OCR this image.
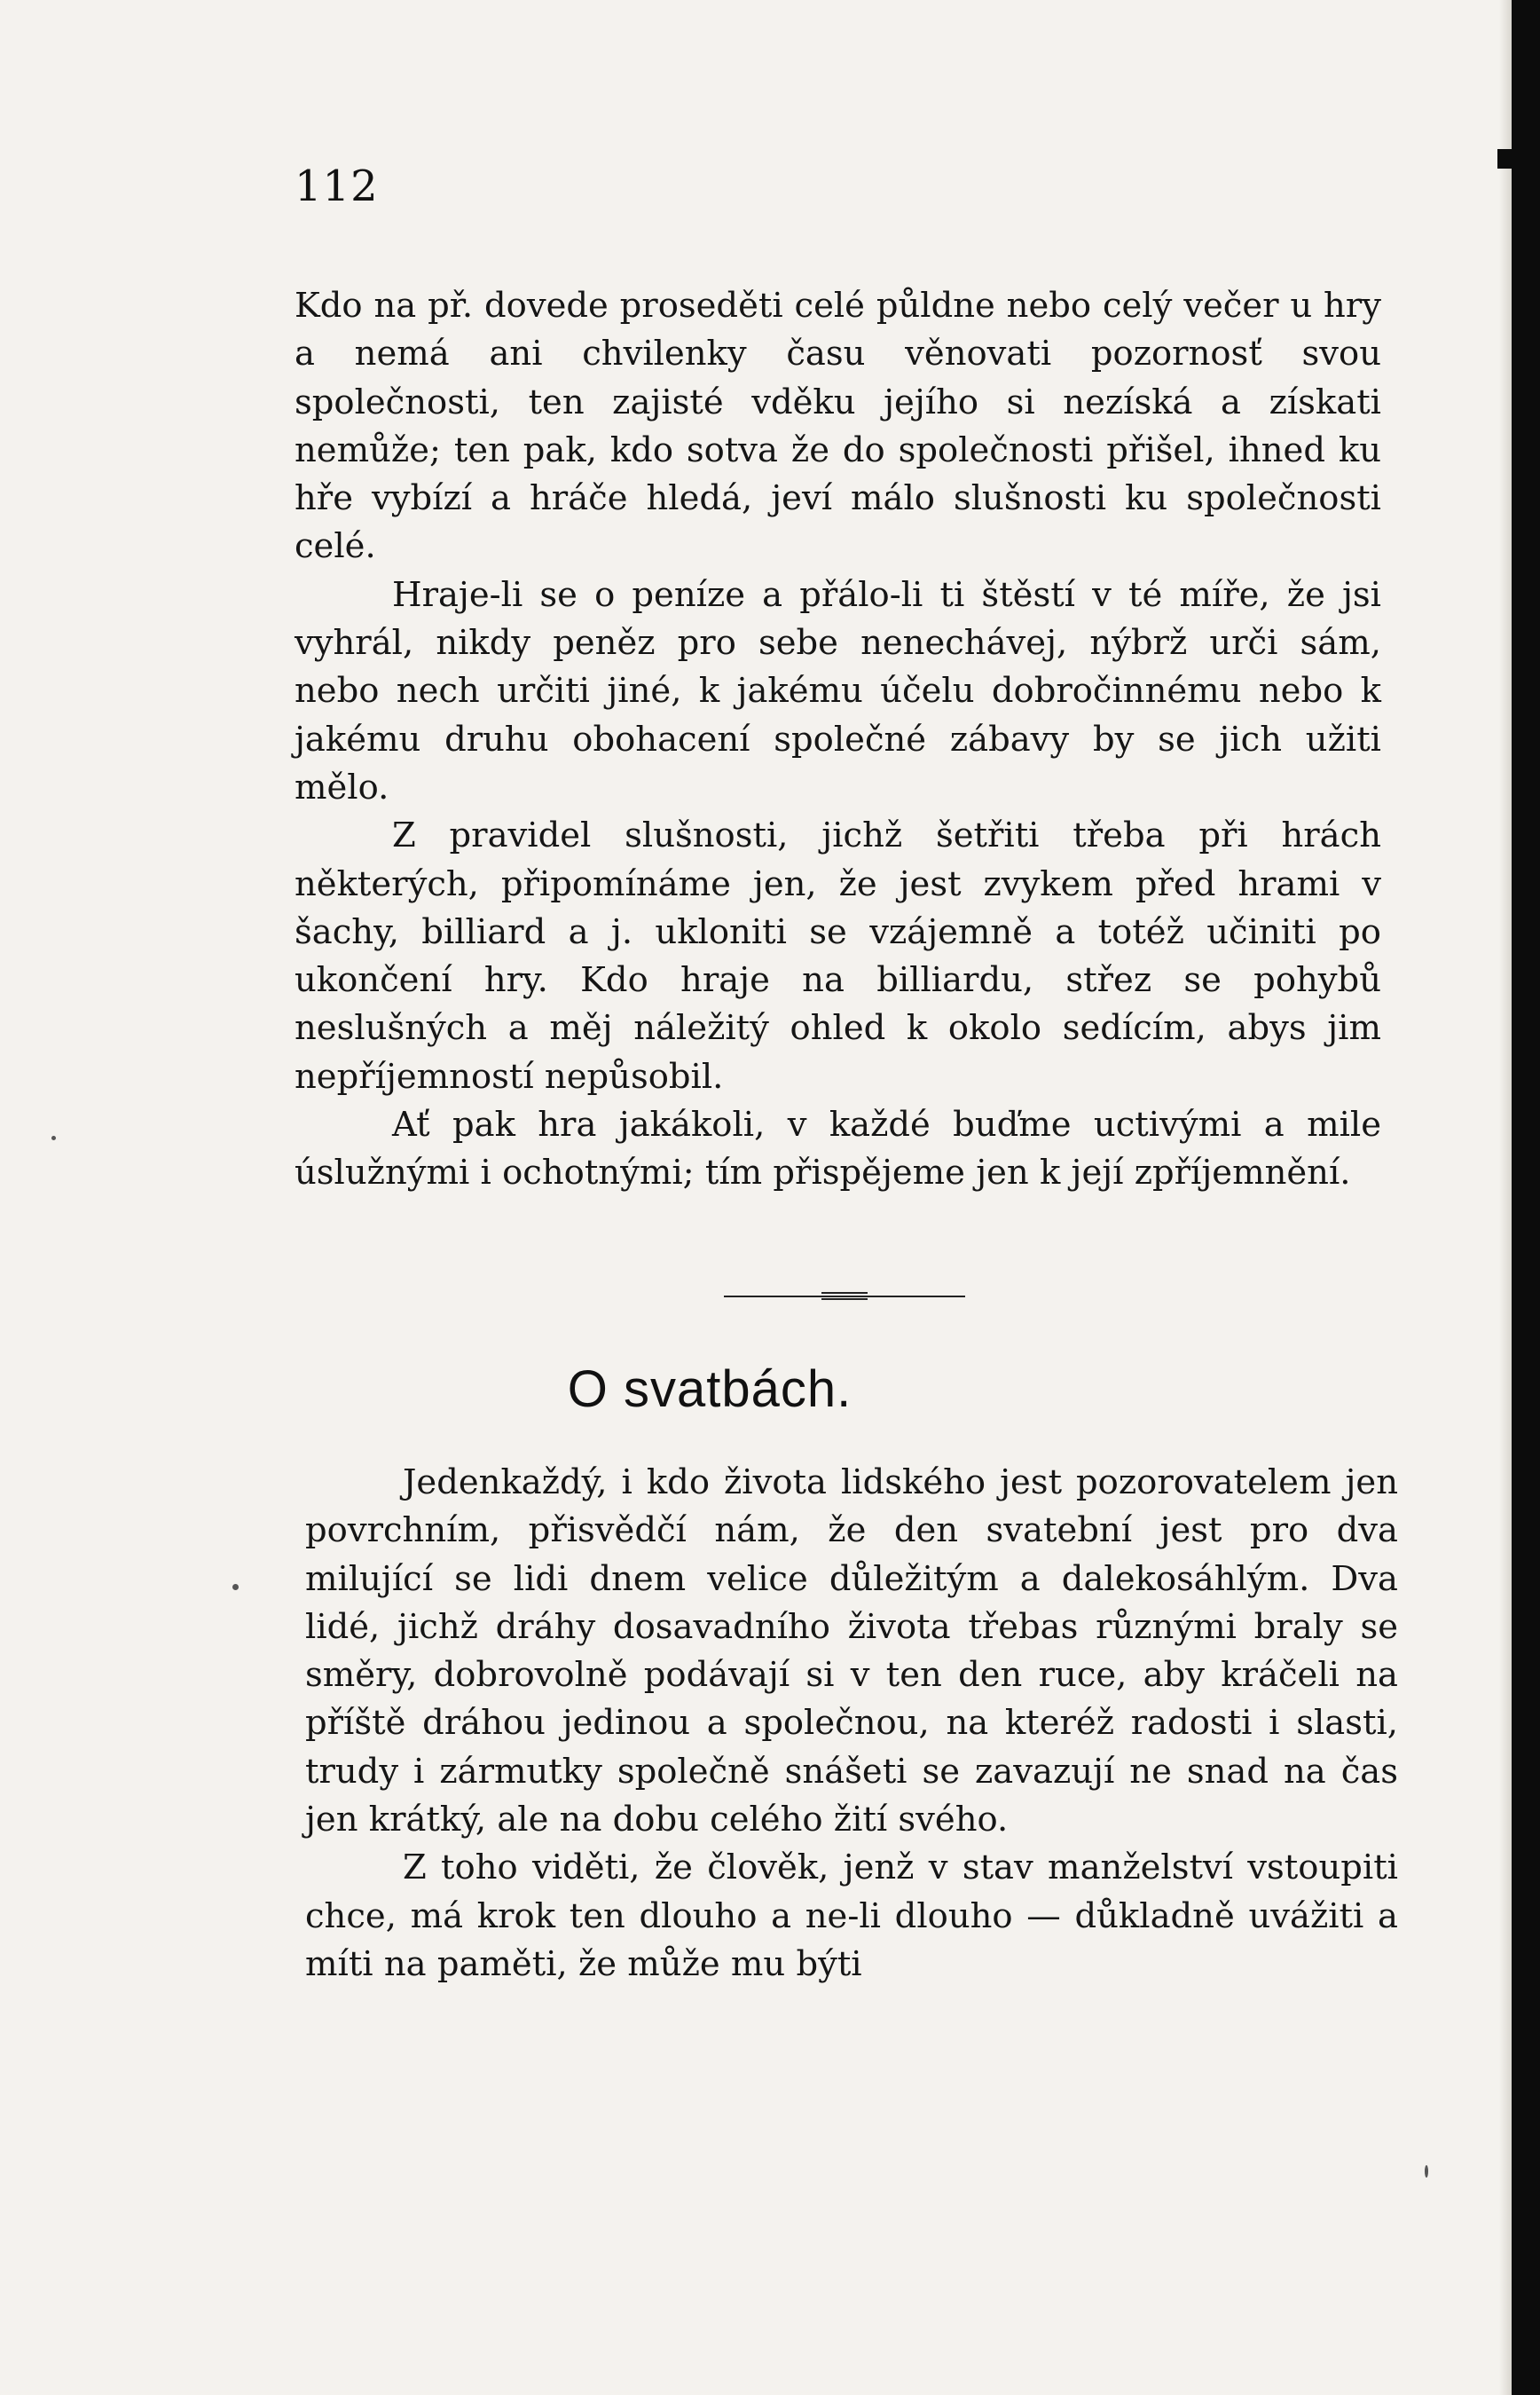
112

Kdo na př. dovede proseděti celé půldne nebo celý večer u hry a nemá ani chvilenky času věnovati pozornosť svou společnosti, ten zajisté vděku jejího si nezíská a získati nemůže; ten pak, kdo sotva že do společnosti přišel, ihned ku hře vybízí a hráče hledá, jeví málo slušnosti ku společnosti celé.

Hraje-li se o peníze a přálo-li ti štěstí v té míře, že jsi vyhrál, nikdy peněz pro sebe nenechávej, nýbrž urči sám, nebo nech určiti jiné, k jakému účelu dobročinnému nebo k jakému druhu obohacení společné zábavy by se jich užiti mělo.

Z pravidel slušnosti, jichž šetřiti třeba při hrách některých, připomínáme jen, že jest zvykem před hrami v šachy, billiard a j. ukloniti se vzájemně a totéž učiniti po ukončení hry. Kdo hraje na billiardu, střez se pohybů neslušných a měj náležitý ohled k okolo sedícím, abys jim nepříjemností nepůsobil.

Ať pak hra jakákoli, v každé buďme uctivými a mile úslužnými i ochotnými; tím přispějeme jen k její zpříjemnění.

O svatbách.

Jedenkaždý, i kdo života lidského jest pozorovatelem jen povrchním, přisvědčí nám, že den svatební jest pro dva milující se lidi dnem velice důležitým a dalekosáhlým. Dva lidé, jichž dráhy dosavadního života třebas různými braly se směry, dobrovolně podávají si v ten den ruce, aby kráčeli na příště dráhou jedinou a společnou, na kteréž radosti i slasti, trudy i zármutky společně snášeti se zavazují ne snad na čas jen krátký, ale na dobu celého žití svého.

Z toho viděti, že člověk, jenž v stav manželství vstoupiti chce, má krok ten dlouho a ne-li dlouho — důkladně uvážiti a míti na paměti, že může mu býti
